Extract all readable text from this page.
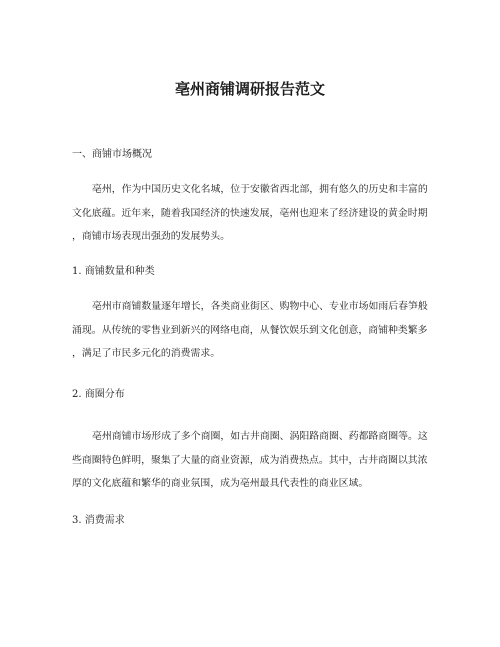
亳州商铺调研报告范文
一、商铺市场概况
亳州，作为中国历史文化名城，位于安徽省西北部，拥有悠久的历史和丰富的
文化底蕴。近年来，随着我国经济的快速发展，亳州也迎来了经济建设的黄金时期
，商铺市场表现出强劲的发展势头。
1. 商铺数量和种类
亳州市商铺数量逐年增长，各类商业街区、购物中心、专业市场如雨后春笋般
涌现。从传统的零售业到新兴的网络电商，从餐饮娱乐到文化创意，商铺种类繁多
，满足了市民多元化的消费需求。
2. 商圈分布
亳州商铺市场形成了多个商圈，如古井商圈、涡阳路商圈、药都路商圈等。这
些商圈特色鲜明，聚集了大量的商业资源，成为消费热点。其中，古井商圈以其浓
厚的文化底蕴和繁华的商业氛围，成为亳州最具代表性的商业区域。
3. 消费需求
